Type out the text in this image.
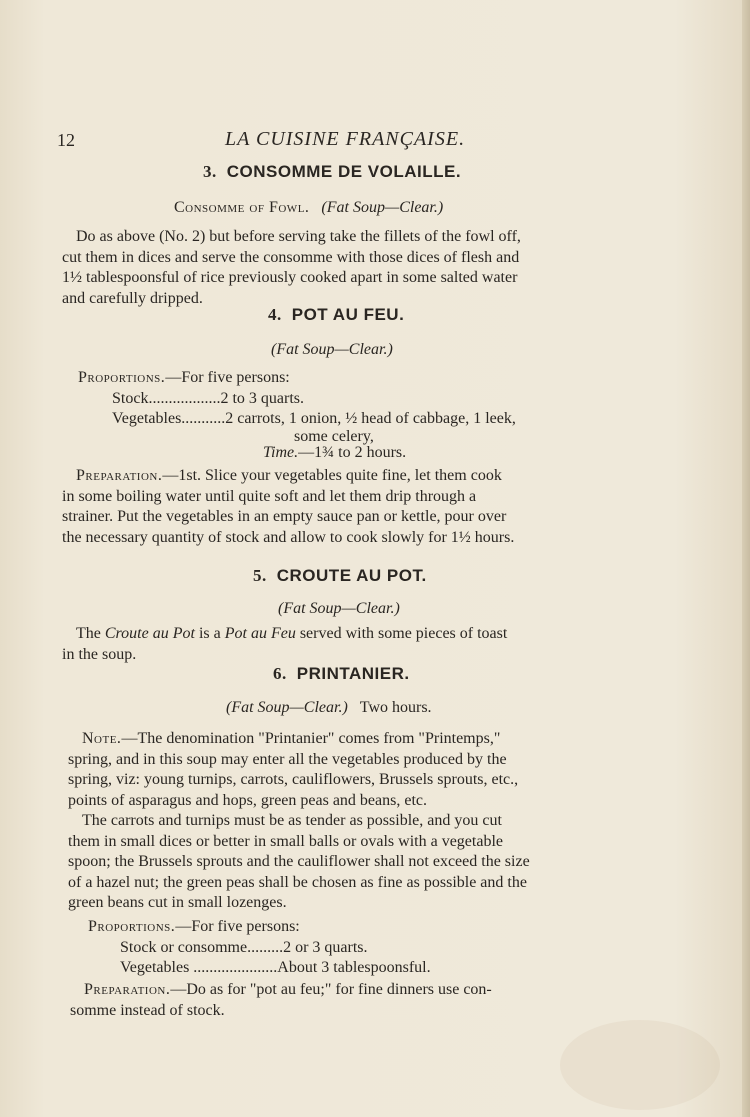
12	LA CUISINE FRANÇAISE.
3. CONSOMME DE VOLAILLE.
Consomme of Fowl. (Fat Soup—Clear.)
Do as above (No. 2) but before serving take the fillets of the fowl off,
cut them in dices and serve the consomme with those dices of flesh and
1½ tablespoonsful of rice previously cooked apart in some salted water
and carefully dripped.
4. POT AU FEU.
(Fat Soup—Clear.)
Proportions.—For five persons:
Stock..................2 to 3 quarts.
Vegetables...........2 carrots, 1 onion, ½ head of cabbage, 1 leek,
some celery,
Time.—1¾ to 2 hours.
Preparation.—1st. Slice your vegetables quite fine, let them cook
in some boiling water until quite soft and let them drip through a
strainer. Put the vegetables in an empty sauce pan or kettle, pour over
the necessary quantity of stock and allow to cook slowly for 1½ hours.
5. CROUTE AU POT.
(Fat Soup—Clear.)
The Croute au Pot is a Pot au Feu served with some pieces of toast
in the soup.
6. PRINTANIER.
(Fat Soup—Clear.) Two hours.
Note.—The denomination "Printanier" comes from "Printemps,"
spring, and in this soup may enter all the vegetables produced by the
spring, viz: young turnips, carrots, cauliflowers, Brussels sprouts, etc.,
points of asparagus and hops, green peas and beans, etc.
The carrots and turnips must be as tender as possible, and you cut
them in small dices or better in small balls or ovals with a vegetable
spoon; the Brussels sprouts and the cauliflower shall not exceed the size
of a hazel nut; the green peas shall be chosen as fine as possible and the
green beans cut in small lozenges.
Proportions.—For five persons:
Stock or consomme.........2 or 3 quarts.
Vegetables .....................About 3 tablespoonsful.
Preparation.—Do as for "pot au feu;" for fine dinners use con-
somme instead of stock.
